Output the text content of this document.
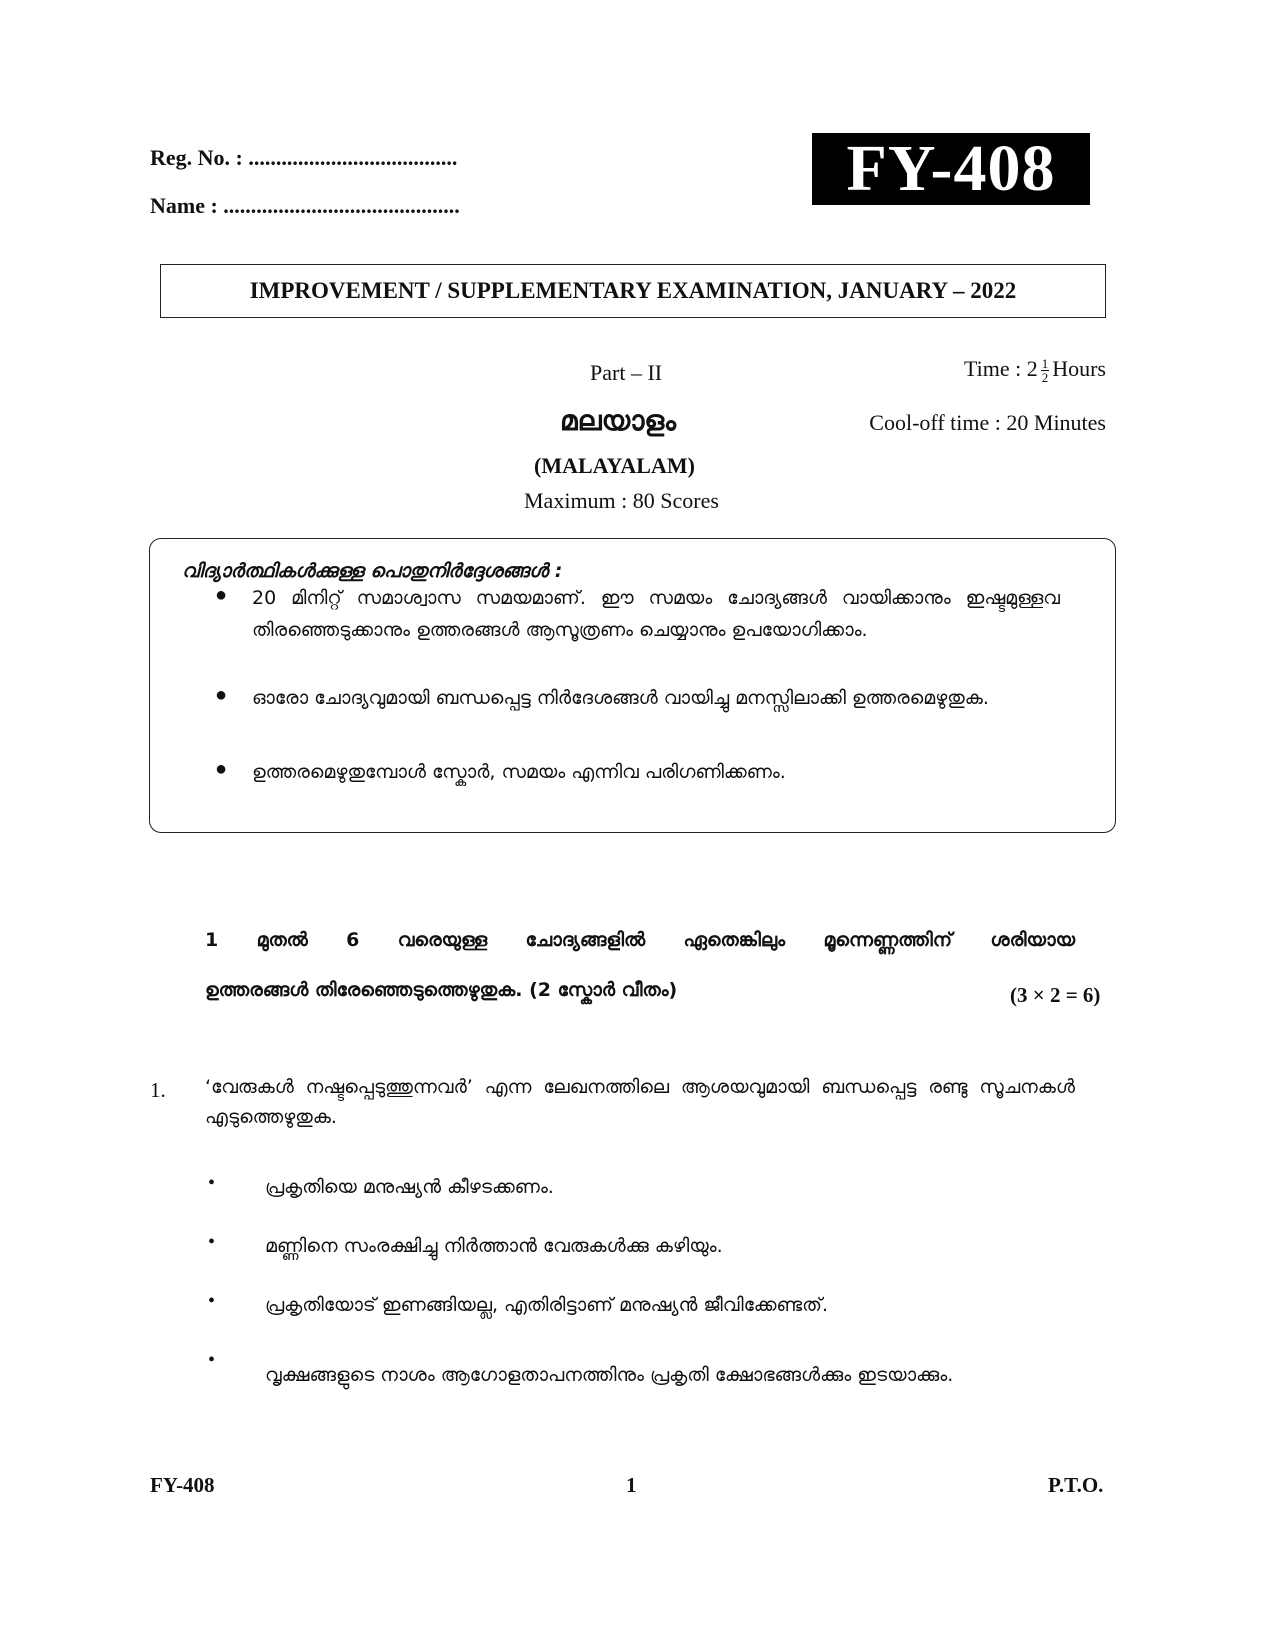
Reg. No. : ......................................
Name : ...........................................
FY-408
IMPROVEMENT / SUPPLEMENTARY EXAMINATION, JANUARY – 2022
Part – II	Time : $2 \frac{1}{2}$ Hours
മലയാളം	Cool-off time : 20 Minutes
(MALAYALAM)
Maximum : 80 Scores
വിദ്യാർത്ഥികൾക്കുള്ള പൊതുനിർദ്ദേശങ്ങൾ :
● 20 മിനിറ്റ് സമാശ്വാസ സമയമാണ്. ഈ സമയം ചോദ്യങ്ങൾ വായിക്കാനും ഇഷ്ടമുള്ളവ തിരഞ്ഞെടുക്കാനും ഉത്തരങ്ങൾ ആസൂത്രണം ചെയ്യാനും ഉപയോഗിക്കാം.
● ഓരോ ചോദ്യവുമായി ബന്ധപ്പെട്ട നിർദേശങ്ങൾ വായിച്ചു മനസ്സിലാക്കി ഉത്തരമെഴുതുക.
● ഉത്തരമെഴുതുമ്പോൾ സ്കോർ, സമയം എന്നിവ പരിഗണിക്കണം.
1 മുതൽ 6 വരെയുള്ള ചോദ്യങ്ങളിൽ ഏതെങ്കിലും മൂന്നെണ്ണത്തിന് ശരിയായ
ഉത്തരങ്ങൾ തിരേഞ്ഞെടുത്തെഴുതുക. (2 സ്കോർ വീതം)	(3 × 2 = 6)
1. ‘വേരുകൾ നഷ്ടപ്പെടുത്തുന്നവർ’ എന്ന ലേഖനത്തിലെ ആശയവുമായി ബന്ധപ്പെട്ട രണ്ടു സൂചനകൾ എടുത്തെഴുതുക.
•	പ്രകൃതിയെ മനുഷ്യൻ കീഴടക്കണം.
•	മണ്ണിനെ സംരക്ഷിച്ചു നിർത്താൻ വേരുകൾക്കു കഴിയും.
•	പ്രകൃതിയോട് ഇണങ്ങിയല്ല, എതിരിട്ടാണ് മനുഷ്യൻ ജീവിക്കേണ്ടത്.
•
വൃക്ഷങ്ങളുടെ നാശം ആഗോളതാപനത്തിനും പ്രകൃതി ക്ഷോഭങ്ങൾക്കും ഇടയാക്കും.
FY-408	1	P.T.O.
